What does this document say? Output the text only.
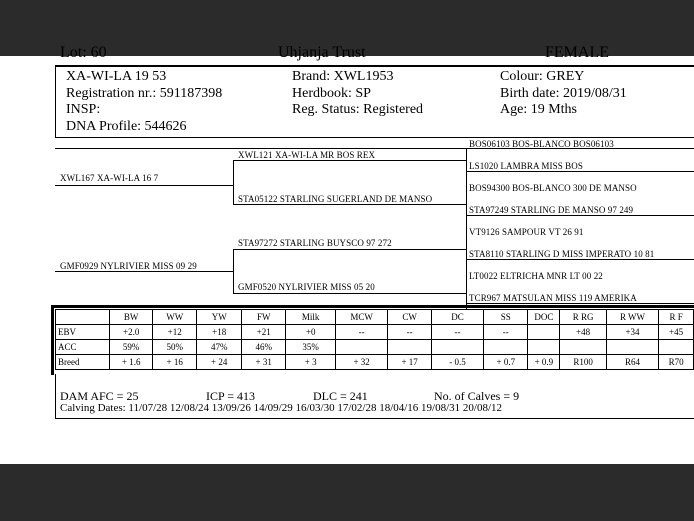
Lot: 60	Uhjanja Trust	FEMALE
XA-WI-LA 19 53
Registration nr.: 591187398
INSP:
DNA Profile: 544626
Brand: XWL1953
Herdbook: SP
Reg. Status: Registered
Colour: GREY
Birth date: 2019/08/31
Age: 19 Mths
XWL167 XA-WI-LA 16 7
GMF0929 NYLRIVIER MISS 09 29
XWL121 XA-WI-LA MR BOS REX
STA05122 STARLING SUGERLAND DE MANSO
STA97272 STARLING BUYSCO 97 272
GMF0520 NYLRIVIER MISS 05 20
BOS06103 BOS-BLANCO BOS06103
LS1020 LAMBRA MISS BOS
BOS94300 BOS-BLANCO 300 DE MANSO
STA97249 STARLING DE MANSO 97 249
VT9126 SAMPOUR VT 26 91
STA8110 STARLING D MISS IMPERATO 10 81
LT0022 ELTRICHA MNR LT 00 22
TCR967 MATSULAN MISS 119 AMERIKA
	BW	WW	YW	FW	Milk	MCW	CW	DC	SS	DOC	R RG	R WW	R F
EBV	+2.0	+12	+18	+21	+0	--	--	--	--		+48	+34	+45
ACC	59%	50%	47%	46%	35%								
Breed	+ 1.6	+ 16	+ 24	+ 31	+ 3	+ 32	+ 17	- 0.5	+ 0.7	+ 0.9	R100	R64	R70
DAM AFC = 25	ICP = 413	DLC = 241	No. of Calves = 9
Calving Dates: 11/07/28 12/08/24 13/09/26 14/09/29 16/03/30 17/02/28 18/04/16 19/08/31 20/08/12
